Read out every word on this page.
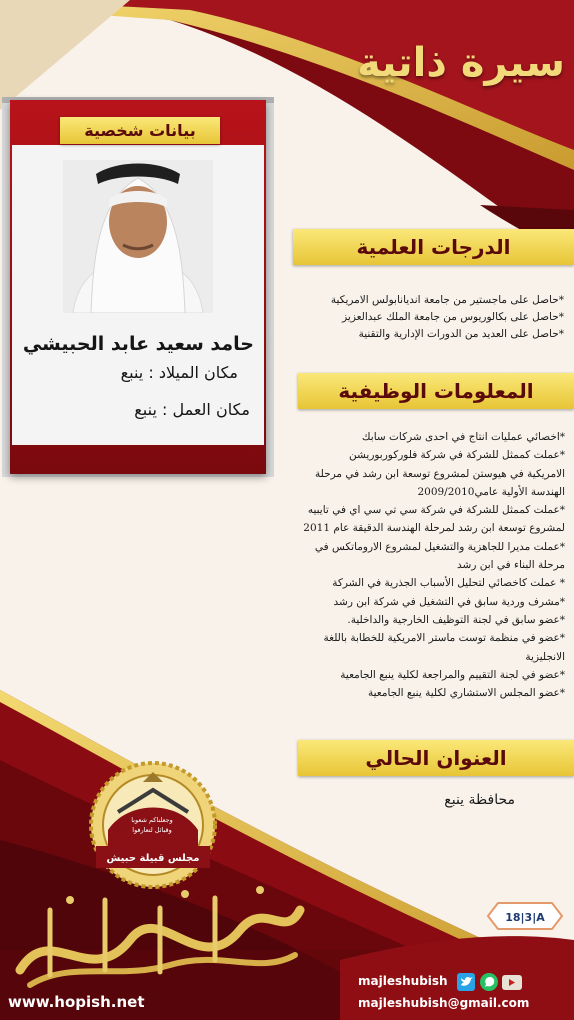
سيرة ذاتية
بيانات شخصية
حامد سعيد عابد الحبيشي
مكان الميلاد : ينبع
مكان العمل : ينبع
الدرجات العلمية
*حاصل على ماجستير من جامعة انديانابولس الامريكية
*حاصل على بكالوريوس من جامعة الملك عبدالعزيز
*حاصل على العديد من الدورات الإدارية والتقنية
المعلومات الوظيفية
*اخصائي عمليات انتاج في احدى شركات سابك
*عملت كممثل للشركة في شركة فلوركوربوريشن
الامريكية في هيوستن لمشروع توسعة ابن رشد في مرحلة
الهندسة الأولية عامي2009/2010
*عملت كممثل للشركة في شركة سي تي سي اي في تايبيه
لمشروع توسعة ابن رشد لمرحلة الهندسة الدقيقة عام 2011
*عملت مديرا للجاهزية والتشغيل لمشروع الاروماتكس في
مرحلة البناء في ابن رشد
* عملت كاخصائي لتحليل الأسباب الجذرية في الشركة
*مشرف وردية سابق في التشغيل في شركة ابن رشد
*عضو سابق في لجنة التوظيف الخارجية والداخلية.
*عضو في منظمة توست ماستر الامريكية للخطابة باللغة
الانجليزية
*عضو في لجنة التقييم والمراجعة لكلية ينبع الجامعية
*عضو المجلس الاستشاري لكلية ينبع الجامعية
العنوان الحالي
محافظة ينبع
مجلس قبيلة حبيش
وجعلناكم شعوبا
وقبائل لتعارفوا
18|3|A
majleshubish
majleshubish@gmail.com
www.hopish.net
